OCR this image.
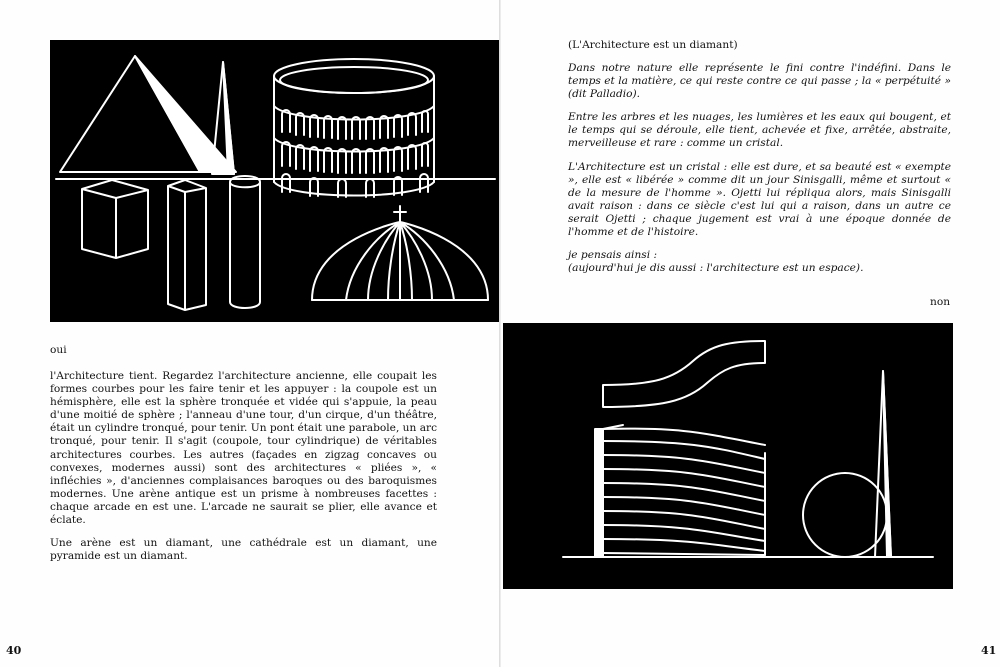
oui

l'Architecture tient. Regardez l'architecture ancienne, elle coupait les formes courbes pour les faire tenir et les appuyer : la coupole est un hémisphère, elle est la sphère tronquée et vidée qui s'appuie, la peau d'une moitié de sphère ; l'anneau d'une tour, d'un cirque, d'un théâtre, était un cylindre tronqué, pour tenir. Un pont était une parabole, un arc tronqué, pour tenir. Il s'agit (coupole, tour cylindrique) de véritables architectures courbes. Les autres (façades en zigzag concaves ou convexes, modernes aussi) sont des architectures « pliées », « infléchies », d'anciennes complaisances baroques ou des baroquismes modernes. Une arène antique est un prisme à nombreuses facettes : chaque arcade en est une. L'arcade ne saurait se plier, elle avance et éclate.

Une arène est un diamant, une cathédrale est un diamant, une pyramide est un diamant.

40
(L'Architecture est un diamant)

Dans notre nature elle représente le fini contre l'indéfini. Dans le temps et la matière, ce qui reste contre ce qui passe ; la « perpétuité » (dit Palladio).

Entre les arbres et les nuages, les lumières et les eaux qui bougent, et le temps qui se déroule, elle tient, achevée et fixe, arrêtée, abstraite, merveilleuse et rare : comme un cristal.

L'Architecture est un cristal : elle est dure, et sa beauté est « exempte », elle est « libérée » comme dit un jour Sinisgalli, même et surtout « de la mesure de l'homme ». Ojetti lui répliqua alors, mais Sinisgalli avait raison : dans ce siècle c'est lui qui a raison, dans un autre ce serait Ojetti ; chaque jugement est vrai à une époque donnée de l'homme et de l'histoire.

je pensais ainsi :
(aujourd'hui je dis aussi : l'architecture est un espace).
non
41
